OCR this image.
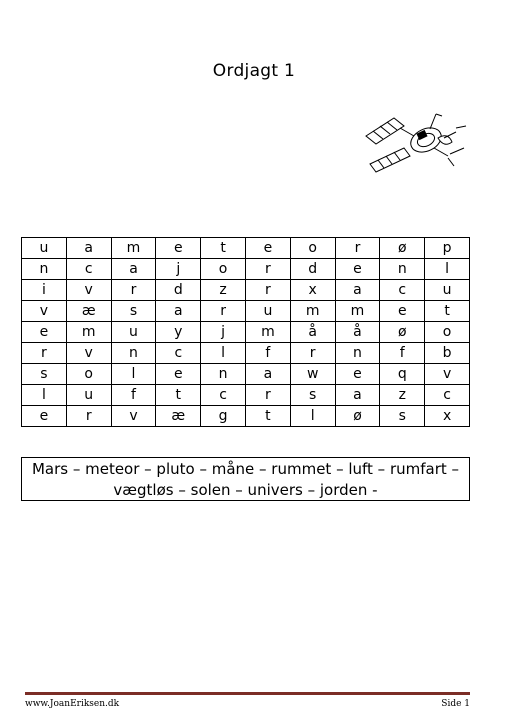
Ordjagt 1
u	a	m	e	t	e	o	r	ø	p
n	c	a	j	o	r	d	e	n	l
i	v	r	d	z	r	x	a	c	u
v	æ	s	a	r	u	m	m	e	t
e	m	u	y	j	m	å	å	ø	o
r	v	n	c	l	f	r	n	f	b
s	o	l	e	n	a	w	e	q	v
l	u	f	t	c	r	s	a	z	c
e	r	v	æ	g	t	l	ø	s	x
Mars – meteor – pluto – måne – rummet – luft – rumfart –
vægtløs – solen – univers – jorden -
www.JoanEriksen.dk	Side 1
